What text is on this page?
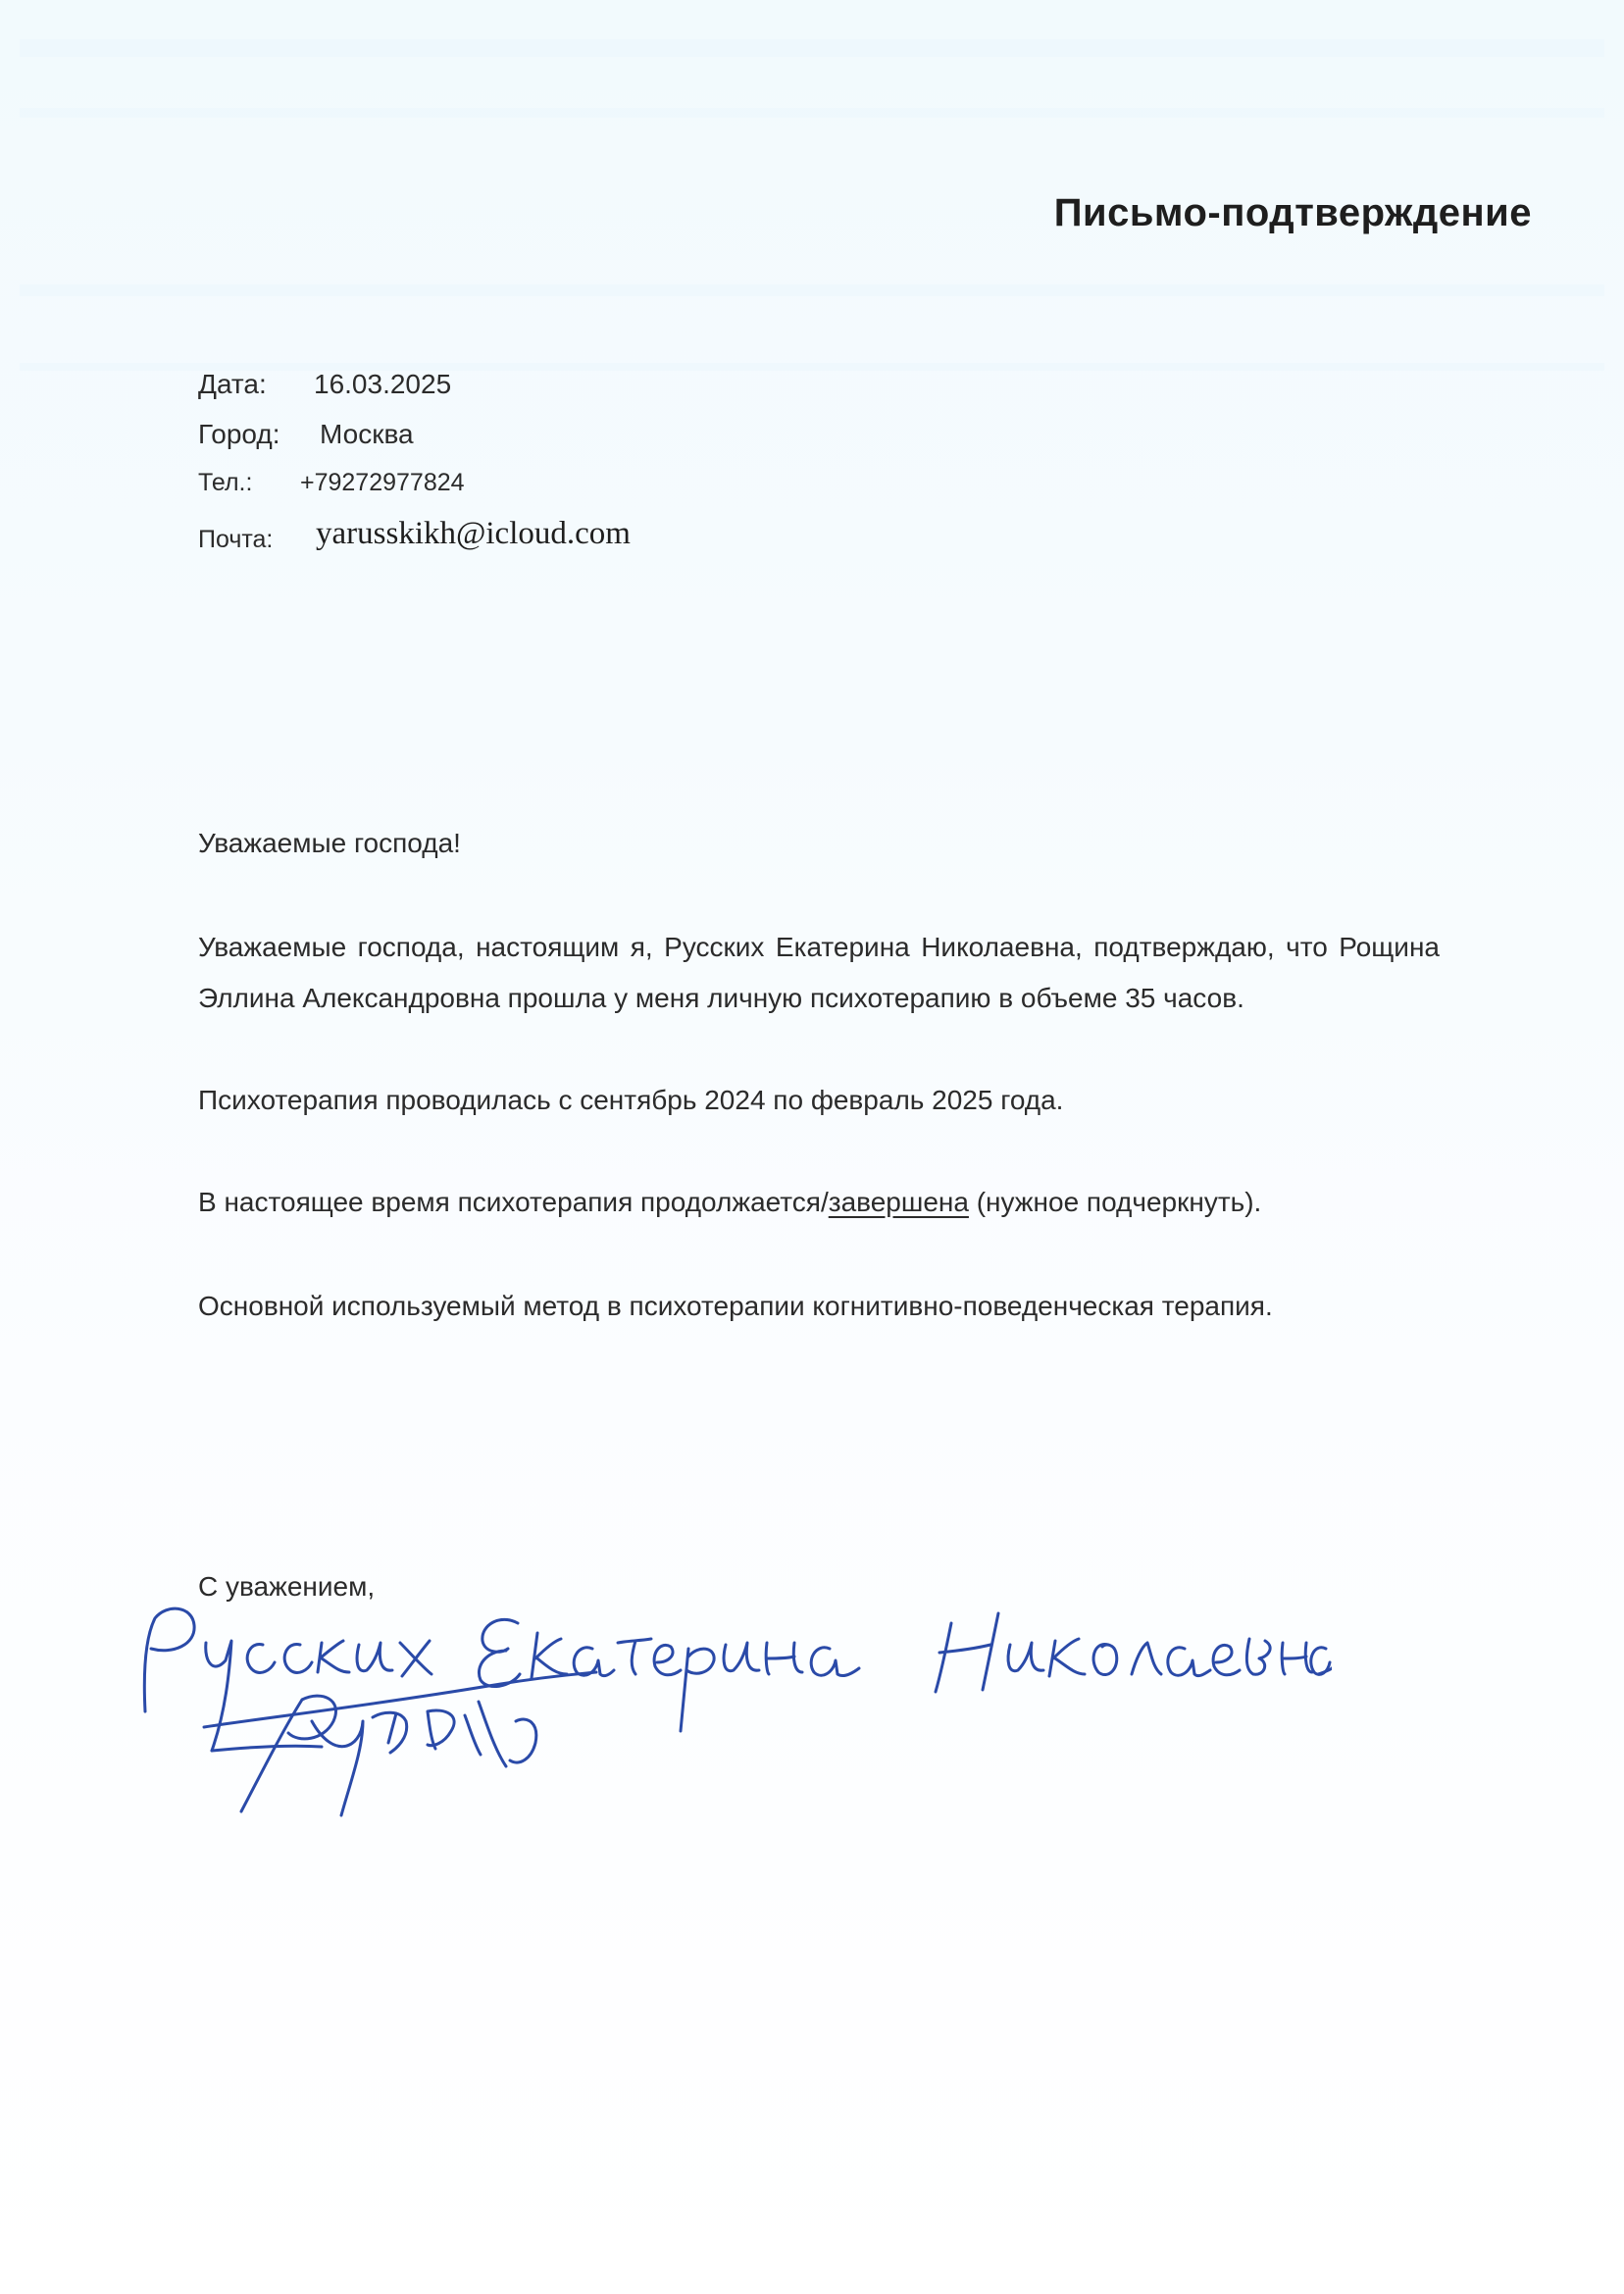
Письмо-подтверждение
Дата: 16.03.2025
Город: Москва
Тел.: +79272977824
Почта: yarusskikh@icloud.com
Уважаемые господа!
Уважаемые господа, настоящим я, Русских Екатерина Николаевна, подтверждаю, что Рощина Эллина Александровна прошла у меня личную психотерапию в объеме 35 часов.
Психотерапия проводилась с сентябрь 2024 по февраль 2025 года.
В настоящее время психотерапия продолжается/завершена (нужное подчеркнуть).
Основной используемый метод в психотерапии когнитивно-поведенческая терапия.
С уважением,
